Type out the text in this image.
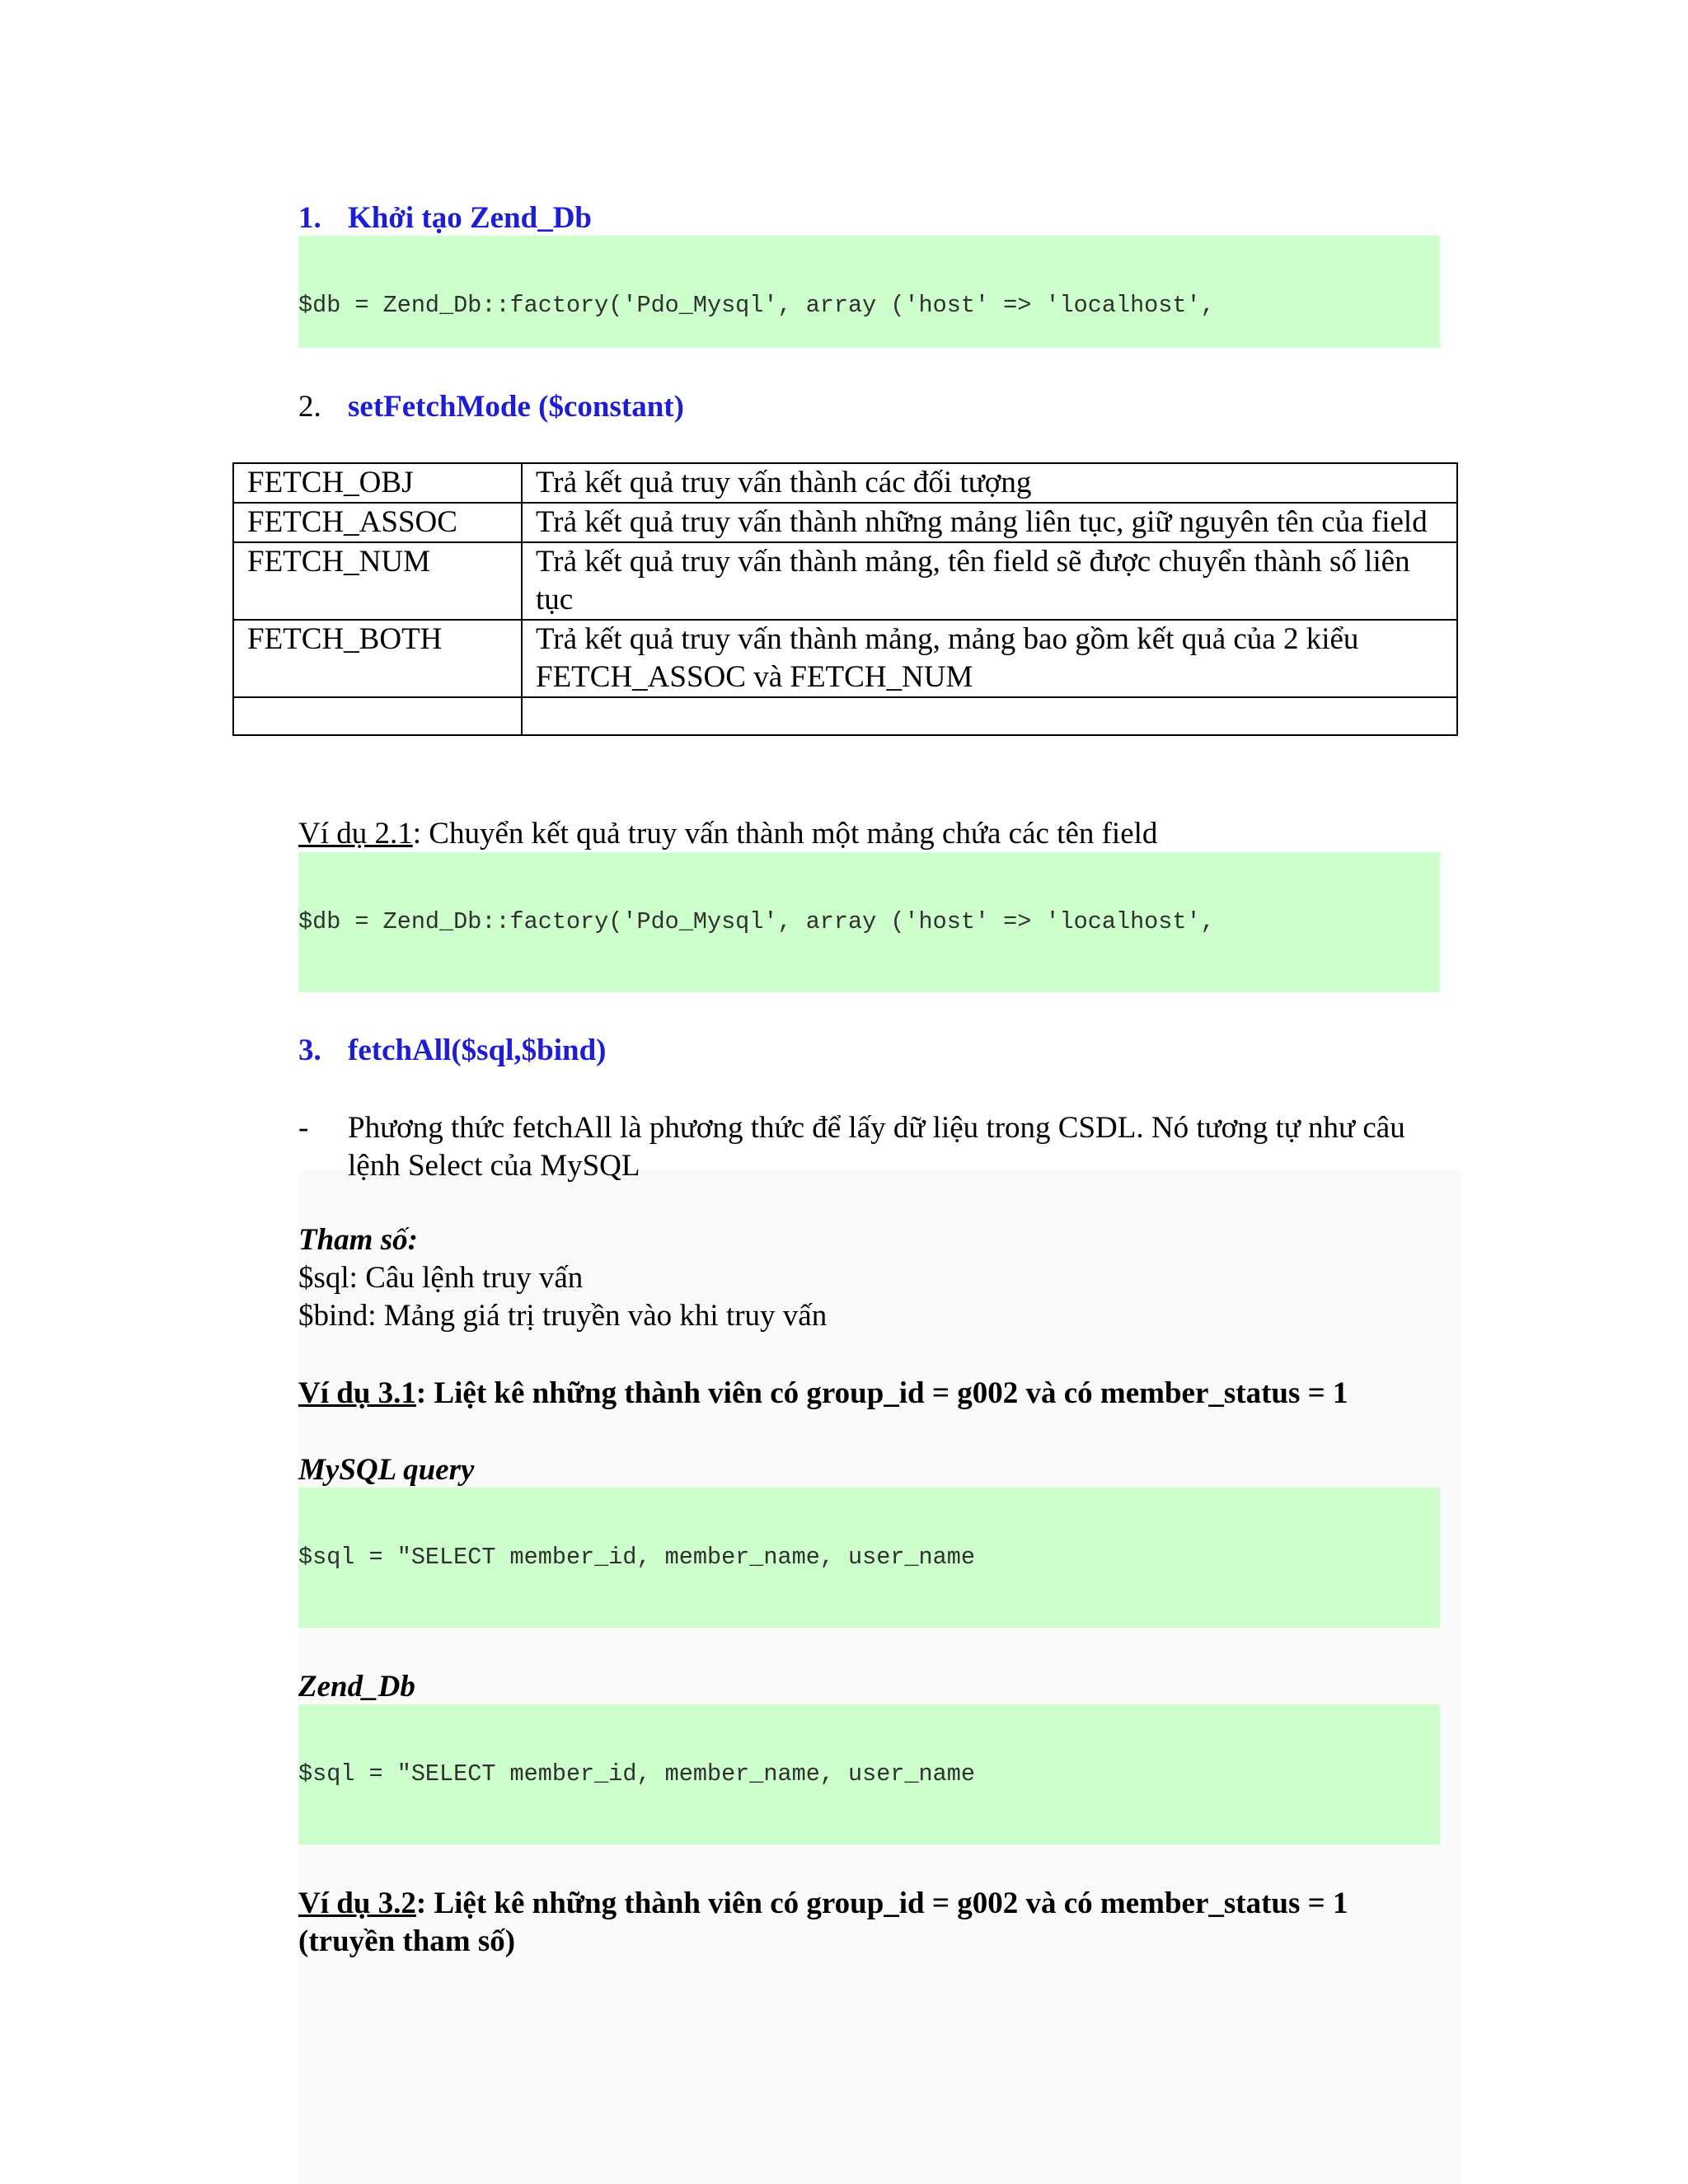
1. Khởi tạo Zend_Db

$db = Zend_Db::factory('Pdo_Mysql', array ('host' => 'localhost',

2. setFetchMode ($constant)
FETCH_OBJ	Trả kết quả truy vấn thành các đối tượng
FETCH_ASSOC	Trả kết quả truy vấn thành những mảng liên tục, giữ nguyên tên của field
FETCH_NUM	Trả kết quả truy vấn thành mảng, tên field sẽ được chuyển thành số liên tục
FETCH_BOTH	Trả kết quả truy vấn thành mảng, mảng bao gồm kết quả của 2 kiểu FETCH_ASSOC và FETCH_NUM

Ví dụ 2.1: Chuyển kết quả truy vấn thành một mảng chứa các tên field

$db = Zend_Db::factory('Pdo_Mysql', array ('host' => 'localhost',

3. fetchAll($sql,$bind)
- Phương thức fetchAll là phương thức để lấy dữ liệu trong CSDL. Nó tương tự như câu lệnh Select của MySQL

Tham số:

$sql: Câu lệnh truy vấn

$bind: Mảng giá trị truyền vào khi truy vấn

Ví dụ 3.1: Liệt kê những thành viên có group_id = g002 và có member_status = 1

MySQL query

$sql = "SELECT member_id, member_name, user_name

Zend_Db

$sql = "SELECT member_id, member_name, user_name

Ví dụ 3.2: Liệt kê những thành viên có group_id = g002 và có member_status = 1

(truyền tham số)
